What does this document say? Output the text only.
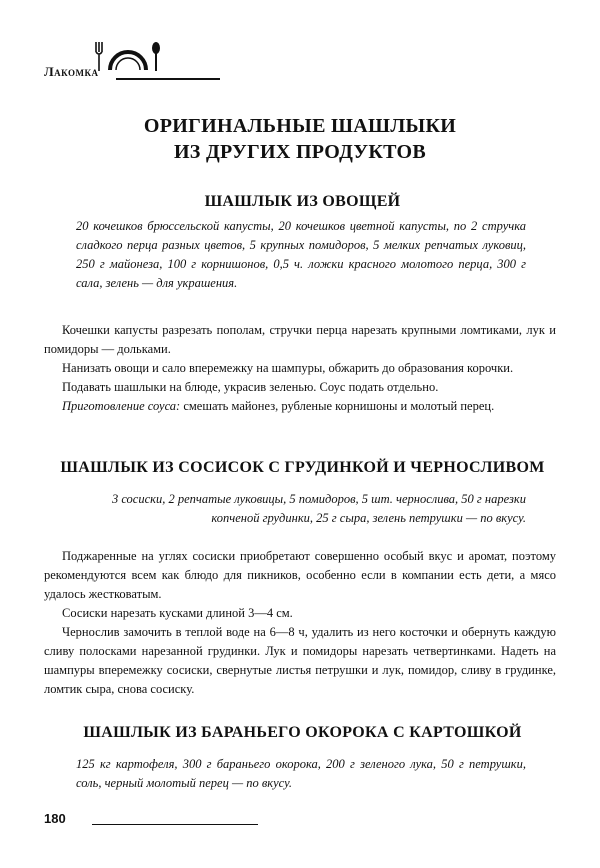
Лакомка
ОРИГИНАЛЬНЫЕ ШАШЛЫКИ
ИЗ ДРУГИХ ПРОДУКТОВ
ШАШЛЫК ИЗ ОВОЩЕЙ
20 кочешков брюссельской капусты, 20 кочешков цветной капусты, по 2 стручка сладкого перца разных цветов, 5 крупных помидоров, 5 мелких репчатых луковиц, 250 г майонеза, 100 г корнишонов, 0,5 ч. ложки красного молотого перца, 300 г сала, зелень — для украшения.

Кочешки капусты разрезать пополам, стручки перца нарезать крупными ломтиками, лук и помидоры — дольками.

Нанизать овощи и сало вперемежку на шампуры, обжарить до образования корочки.

Подавать шашлыки на блюде, украсив зеленью. Соус подать отдельно.

Приготовление соуса: смешать майонез, рубленые корнишоны и молотый перец.

ШАШЛЫК ИЗ СОСИСОК С ГРУДИНКОЙ И ЧЕРНОСЛИВОМ
3 сосиски, 2 репчатые луковицы, 5 помидоров, 5 шт. чернослива, 50 г нарезки копченой грудинки, 25 г сыра, зелень петрушки — по вкусу.

Поджаренные на углях сосиски приобретают совершенно особый вкус и аромат, поэтому рекомендуются всем как блюдо для пикников, особенно если в компании есть дети, а мясо удалось жестковатым.

Сосиски нарезать кусками длиной 3—4 см.

Чернослив замочить в теплой воде на 6—8 ч, удалить из него косточки и обернуть каждую сливу полосками нарезанной грудинки. Лук и помидоры нарезать четвертинками. Надеть на шампуры вперемежку сосиски, свернутые листья петрушки и лук, помидор, сливу в грудинке, ломтик сыра, снова сосиску.

ШАШЛЫК ИЗ БАРАНЬЕГО ОКОРОКА С КАРТОШКОЙ
125 кг картофеля, 300 г бараньего окорока, 200 г зеленого лука, 50 г петрушки, соль, черный молотый перец — по вкусу.
180
